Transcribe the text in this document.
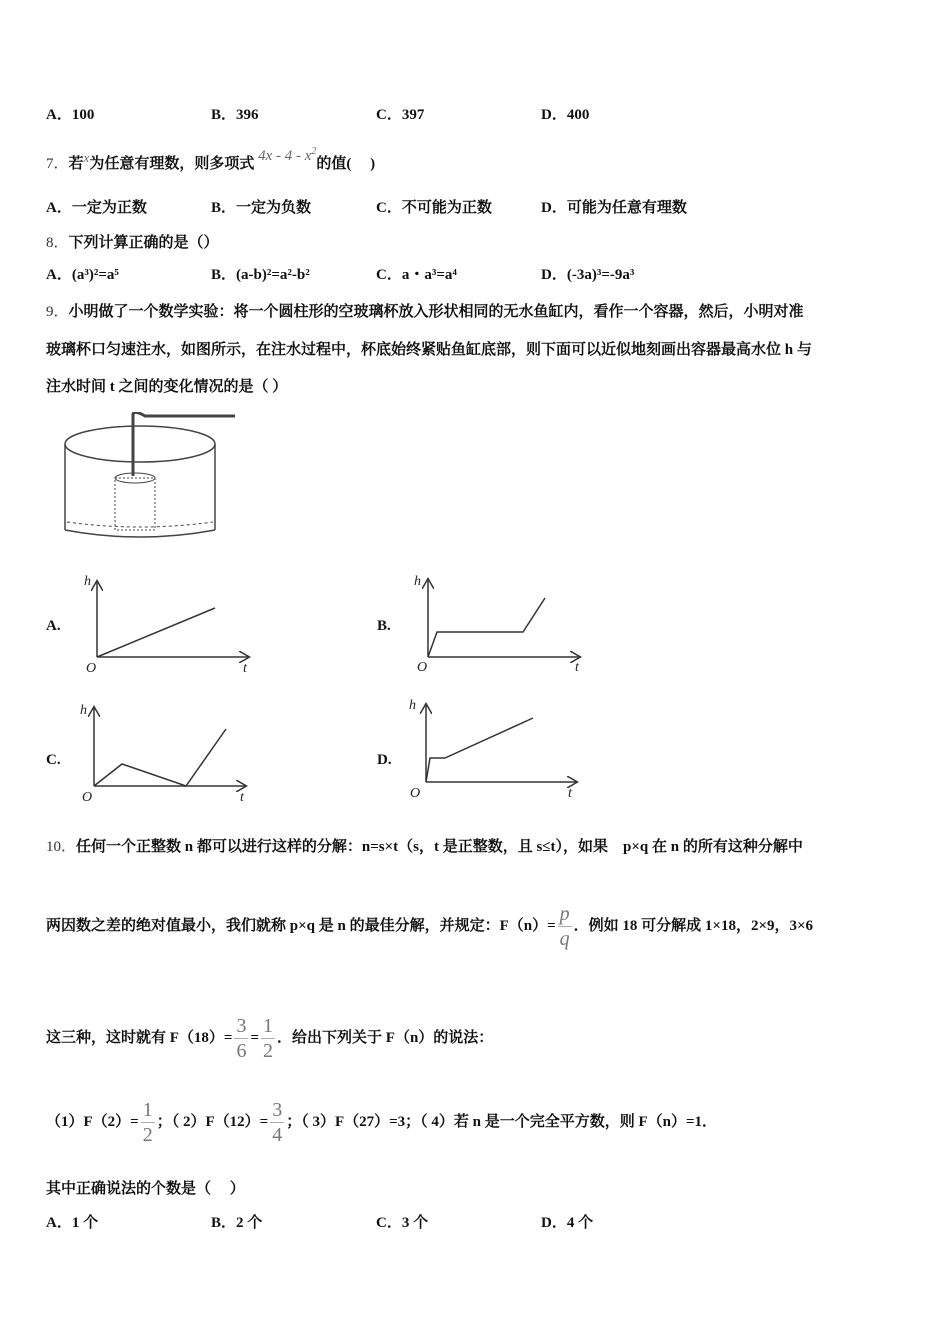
A．100	B．396	C．397	D．400
7．若$^x$为任意有理数，则多项式 $4x - 4 - x^2$的值(　 )
A．一定为正数	B．一定为负数	C．不可能为正数	D．可能为任意有理数
8．下列计算正确的是（）
A．(a³)²=a⁵	B．(a-b)²=a²-b²	C．a・a³=a⁴	D．(-3a)³=-9a³
9．小明做了一个数学实验：将一个圆柱形的空玻璃杯放入形状相同的无水鱼缸内，看作一个容器，然后，小明对准
玻璃杯口匀速注水，如图所示，在注水过程中，杯底始终紧贴鱼缸底部，则下面可以近似地刻画出容器最高水位 h 与
注水时间 t 之间的变化情况的是（ ）
A.	B.
C.	D.
h
t
O
h
t
O
h
t
O
h
t
O
10．任何一个正整数 n 都可以进行这样的分解：n=s×t（s，t 是正整数，且 s≤t），如果　p×q 在 n 的所有这种分解中
两因数之差的绝对值最小，我们就称 p×q 是 n 的最佳分解，并规定：$F(n)= \frac{p}{q}$ ．例如 18 可分解成 1×18，2×9，3×6
这三种，这时就有 $F(18)= \frac{3}{6} = \frac{1}{2}$ ．给出下列关于 F（n）的说法：
$(1)F(2)= \frac{1}{2}$ ；（ $2)F(12)= \frac{3}{4}$ ；（ 3）F（27）=3；（ 4）若 n 是一个完全平方数，则 F（n）=1．
其中正确说法的个数是（　 ）
A．1 个	B．2 个	C．3 个	D．4 个
